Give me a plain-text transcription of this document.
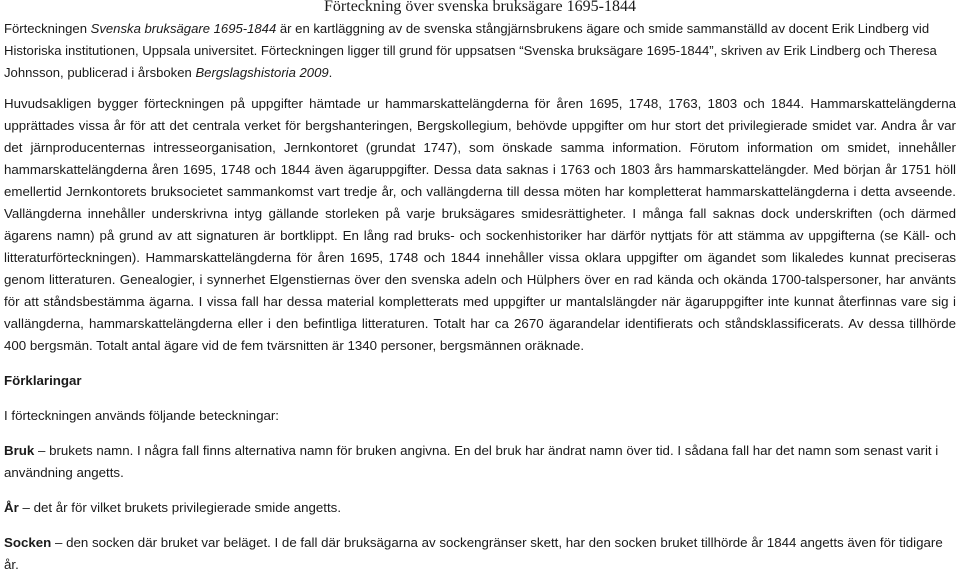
Förteckning över svenska bruksägare 1695-1844

Förteckningen Svenska bruksägare 1695-1844 är en kartläggning av de svenska stångjärnsbrukens ägare och smide sammanställd av docent Erik Lindberg vid Historiska institutionen, Uppsala universitet. Förteckningen ligger till grund för uppsatsen “Svenska bruksägare 1695-1844”, skriven av Erik Lindberg och Theresa Johnsson, publicerad i årsboken Bergslagshistoria 2009.

Huvudsakligen bygger förteckningen på uppgifter hämtade ur hammarskattelängderna för åren 1695, 1748, 1763, 1803 och 1844. Hammarskattelängderna upprättades vissa år för att det centrala verket för bergshanteringen, Bergskollegium, behövde uppgifter om hur stort det privilegierade smidet var. Andra år var det järnproducenternas intresseorganisation, Jernkontoret (grundat 1747), som önskade samma information. Förutom information om smidet, innehåller hammarskattelängderna åren 1695, 1748 och 1844 även ägaruppgifter. Dessa data saknas i 1763 och 1803 års hammarskattelängder. Med början år 1751 höll emellertid Jernkontorets bruksocietet sammankomst vart tredje år, och vallängderna till dessa möten har kompletterat hammarskattelängderna i detta avseende. Vallängderna innehåller underskrivna intyg gällande storleken på varje bruksägares smidesrättigheter. I många fall saknas dock underskriften (och därmed ägarens namn) på grund av att signaturen är bortklippt. En lång rad bruks- och sockenhistoriker har därför nyttjats för att stämma av uppgifterna (se Käll- och litteraturförteckningen). Hammarskattelängderna för åren 1695, 1748 och 1844 innehåller vissa oklara uppgifter om ägandet som likaledes kunnat preciseras genom litteraturen. Genealogier, i synnerhet Elgenstiernas över den svenska adeln och Hülphers över en rad kända och okända 1700-talspersoner, har använts för att ståndsbestämma ägarna. I vissa fall har dessa material kompletterats med uppgifter ur mantalslängder när ägaruppgifter inte kunnat återfinnas vare sig i vallängderna, hammarskattelängderna eller i den befintliga litteraturen. Totalt har ca 2670 ägarandelar identifierats och ståndsklassificerats. Av dessa tillhörde 400 bergsmän. Totalt antal ägare vid de fem tvärsnitten är 1340 personer, bergsmännen oräknade.

Förklaringar

I förteckningen används följande beteckningar:

Bruk – brukets namn. I några fall finns alternativa namn för bruken angivna. En del bruk har ändrat namn över tid. I sådana fall har det namn som senast varit i användning angetts.

År – det år för vilket brukets privilegierade smide angetts.

Socken – den socken där bruket var beläget. I de fall där bruksägarna av sockengränser skett, har den socken bruket tillhörde år 1844 angetts även för tidigare år.
